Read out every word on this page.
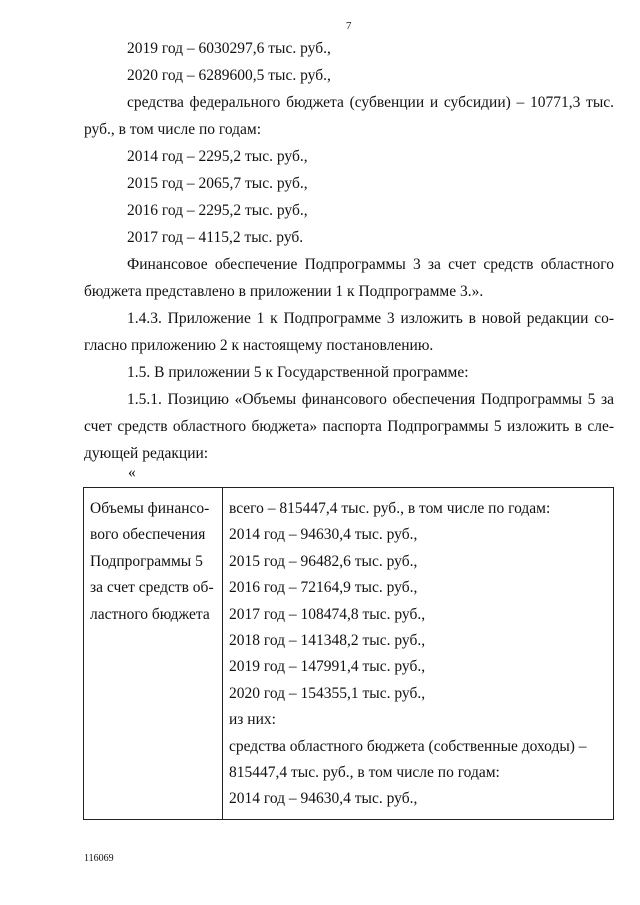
7
2019 год – 6030297,6 тыс. руб.,
2020 год – 6289600,5 тыс. руб.,
средства федерального бюджета (субвенции и субсидии) – 10771,3 тыс.
руб., в том числе по годам:
2014 год – 2295,2 тыс. руб.,
2015 год – 2065,7 тыс. руб.,
2016 год – 2295,2 тыс. руб.,
2017 год – 4115,2 тыс. руб.
Финансовое обеспечение Подпрограммы 3 за счет средств областного
бюджета представлено в приложении 1 к Подпрограмме 3.».
1.4.3. Приложение 1 к Подпрограмме 3 изложить в новой редакции со-
гласно приложению 2 к настоящему постановлению.
1.5. В приложении 5 к Государственной программе:
1.5.1. Позицию «Объемы финансового обеспечения Подпрограммы 5 за
счет средств областного бюджета» паспорта Подпрограммы 5 изложить в сле-
дующей редакции:
«
Объемы финансо-
вого обеспечения
Подпрограммы 5
за счет средств об-
ластного бюджета
всего – 815447,4 тыс. руб., в том числе по годам:
2014 год – 94630,4 тыс. руб.,
2015 год – 96482,6 тыс. руб.,
2016 год – 72164,9 тыс. руб.,
2017 год – 108474,8 тыс. руб.,
2018 год – 141348,2 тыс. руб.,
2019 год – 147991,4 тыс. руб.,
2020 год – 154355,1 тыс. руб.,
из них:
средства областного бюджета (собственные доходы) –
815447,4 тыс. руб., в том числе по годам:
2014 год – 94630,4 тыс. руб.,
116069
